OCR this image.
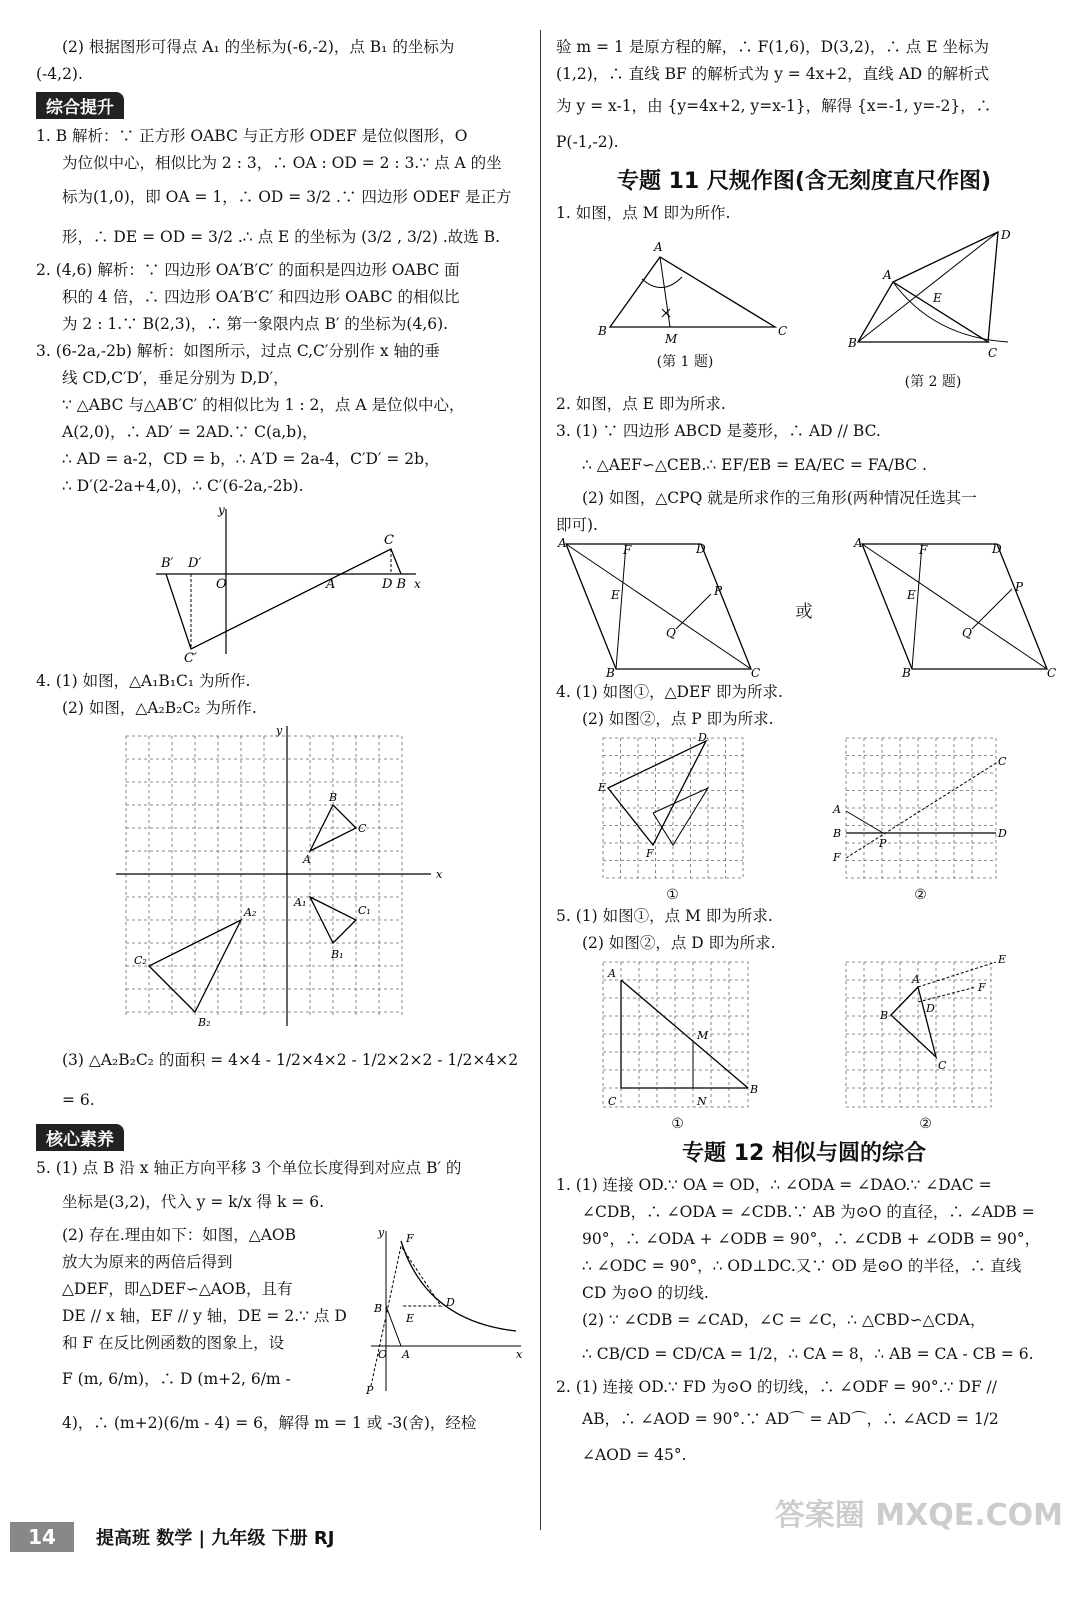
(2) 根据图形可得点 A₁ 的坐标为(-6,-2)，点 B₁ 的坐标为

(-4,2).

综合提升

1. B 解析：∵ 正方形 OABC 与正方形 ODEF 是位似图形，O

为位似中心，相似比为 2 : 3，∴ OA : OD = 2 : 3.∵ 点 A 的坐

标为(1,0)，即 OA = 1，∴ OD = 3/2 .∵ 四边形 ODEF 是正方

形，∴ DE = OD = 3/2 .∴ 点 E 的坐标为 (3/2 , 3/2) .故选 B.

2. (4,6) 解析：∵ 四边形 OA′B′C′ 的面积是四边形 OABC 面

积的 4 倍，∴ 四边形 OA′B′C′ 和四边形 OABC 的相似比

为 2 : 1.∵ B(2,3)，∴ 第一象限内点 B′ 的坐标为(4,6).

3. (6-2a,-2b) 解析：如图所示，过点 C,C′分别作 x 轴的垂

线 CD,C′D′，垂足分别为 D,D′，

∵ △ABC 与△AB′C′ 的相似比为 1 : 2，点 A 是位似中心，

A(2,0)，∴ AD′ = 2AD.∵ C(a,b)，

∴ AD = a-2，CD = b，∴ A′D = 2a-4，C′D′ = 2b，

∴ D′(2-2a+4,0)，∴ C′(6-2a,-2b).

B′ D′
O	A
C
D B x
y
C′

4. (1) 如图，△A₁B₁C₁ 为所作.

(2) 如图，△A₂B₂C₂ 为所作.

x
y
A
B
C
A₁
B₁
C₁
A₂
C₂
B₂

(3) △A₂B₂C₂ 的面积 = 4×4 - 1/2×4×2 - 1/2×2×2 - 1/2×4×2 = 6.

核心素养

5. (1) 点 B 沿 x 轴正方向平移 3 个单位长度得到对应点 B′ 的

坐标是(3,2)，代入 y = k/x 得 k = 6.

F
D
B
E
O A
P
x
y

(2) 存在.理由如下：如图，△AOB

放大为原来的两倍后得到

△DEF，即△DEF∽△AOB，且有

DE // x 轴，EF // y 轴，DE = 2.∵ 点 D

和 F 在反比例函数的图象上，设

F (m, 6/m)，∴ D (m+2, 6/m -

4)，∴ (m+2)(6/m - 4) = 6，解得 m = 1 或 -3(舍)，经检

验 m = 1 是原方程的解，∴ F(1,6)，D(3,2)，∴ 点 E 坐标为

(1,2)，∴ 直线 BF 的解析式为 y = 4x+2，直线 AD 的解析式

为 y = x-1，由 {y=4x+2, y=x-1}，解得 {x=-1, y=-2}，∴ P(-1,-2).

专题 11 尺规作图(含无刻度直尺作图)

1. 如图，点 M 即为所作.

A
B	C
M
(第 1 题)
A
B
C
D
E
(第 2 题)

2. 如图，点 E 即为所求.

3. (1) ∵ 四边形 ABCD 是菱形，∴ AD // BC.

∴ △AEF∽△CEB.∴ EF/EB = EA/EC = FA/BC .

(2) 如图，△CPQ 就是所求作的三角形(两种情况任选其一

即可).

A	F	D
B	C
E
Q
P
或
A	F	D
B	C
E
Q
P

4. (1) 如图①，△DEF 即为所求.

(2) 如图②，点 P 即为所求.

D
E
F
①
A
B
F
C
D
P
②

5. (1) 如图①，点 M 即为所求.

(2) 如图②，点 D 即为所求.

A
C
B
M
N
①
A
B
C
D
E
F
②
专题 12 相似与圆的综合

1. (1) 连接 OD.∵ OA = OD，∴ ∠ODA = ∠DAO.∵ ∠DAC =

∠CDB，∴ ∠ODA = ∠CDB.∵ AB 为⊙O 的直径，∴ ∠ADB =

90°，∴ ∠ODA + ∠ODB = 90°，∴ ∠CDB + ∠ODB = 90°，

∴ ∠ODC = 90°，∴ OD⊥DC.又∵ OD 是⊙O 的半径，∴ 直线

CD 为⊙O 的切线.

(2) ∵ ∠CDB = ∠CAD，∠C = ∠C，∴ △CBD∽△CDA，

∴ CB/CD = CD/CA = 1/2，∴ CA = 8，∴ AB = CA - CB = 6.

2. (1) 连接 OD.∵ FD 为⊙O 的切线，∴ ∠ODF = 90°.∵ DF //

AB，∴ ∠AOD = 90°.∵ AD⌒ = AD⌒，∴ ∠ACD = 1/2 ∠AOD = 45°.

14	提高班 数学 | 九年级 下册 RJ
答案圈 MXQE.COM
